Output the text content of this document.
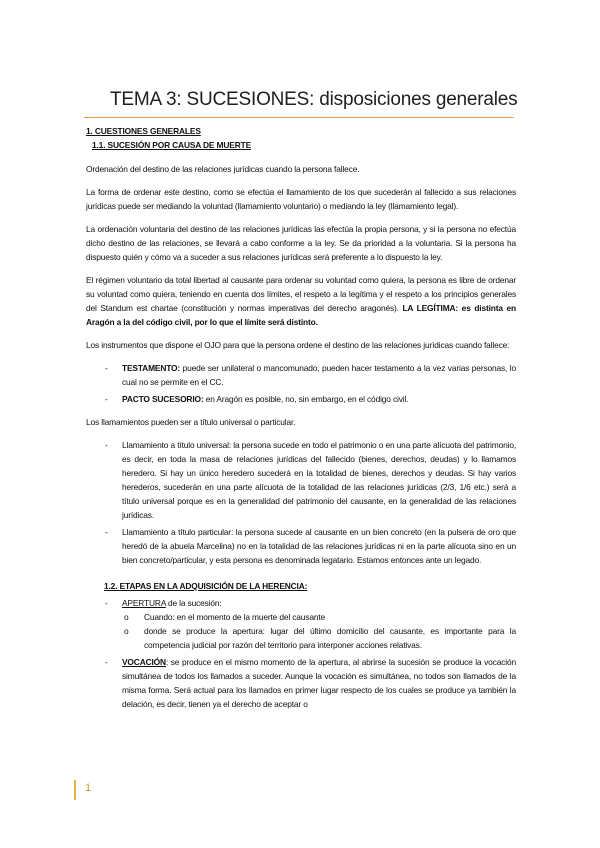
TEMA 3: SUCESIONES: disposiciones generales
1. CUESTIONES GENERALES
1.1. SUCESIÓN POR CAUSA DE MUERTE

Ordenación del destino de las relaciones jurídicas cuando la persona fallece.

La forma de ordenar este destino, como se efectúa el llamamiento de los que sucederán al fallecido a sus relaciones jurídicas puede ser mediando la voluntad (llamamiento voluntario) o mediando la ley (llamamiento legal).

La ordenación voluntaria del destino de las relaciones jurídicas las efectúa la propia persona, y si la persona no efectúa dicho destino de las relaciones, se llevará a cabo conforme a la ley. Se da prioridad a la voluntaria. Si la persona ha dispuesto quién y cómo va a suceder a sus relaciones jurídicas será preferente a lo dispuesto la ley.

El régimen voluntario da total libertad al causante para ordenar su voluntad como quiera, la persona es libre de ordenar su voluntad como quiera, teniendo en cuenta dos límites, el respeto a la legítima y el respeto a los principios generales del Standum est chartae (constitución y normas imperativas del derecho aragonés). LA LEGÍTIMA: es distinta en Aragón a la del código civil, por lo que el límite será distinto.

Los instrumentos que dispone el OJO para que la persona ordene el destino de las relaciones jurídicas cuando fallece:

- TESTAMENTO: puede ser unilateral o mancomunado, pueden hacer testamento a la vez varias personas, lo cual no se permite en el CC.
- PACTO SUCESORIO: en Aragón es posible, no, sin embargo, en el código civil.

Los llamamientos pueden ser a título universal o particular.

- Llamamiento a título universal: la persona sucede en todo el patrimonio o en una parte alícuota del patrimonio, es decir, en toda la masa de relaciones jurídicas del fallecido (bienes, derechos, deudas) y lo llamamos heredero. Si hay un único heredero sucederá en la totalidad de bienes, derechos y deudas. Si hay varios herederos, sucederán en una parte alícuota de la totalidad de las relaciones jurídicas (2/3, 1/6 etc.) será a título universal porque es en la generalidad del patrimonio del causante, en la generalidad de las relaciones jurídicas.
- Llamamiento a título particular: la persona sucede al causante en un bien concreto (en la pulsera de oro que heredó de la abuela Marcelina) no en la totalidad de las relaciones jurídicas ni en la parte alícuota sino en un bien concreto/particular, y esta persona es denominada legatario. Estamos entonces ante un legado.
1.2. ETAPAS EN LA ADQUISICIÓN DE LA HERENCIA:
- APERTURA de la sucesión:
o Cuando: en el momento de la muerte del causante
o donde se produce la apertura: lugar del último domicilio del causante, es importante para la competencia judicial por razón del territorio para interponer acciones relativas.
- VOCACIÓN: se produce en el mismo momento de la apertura, al abrirse la sucesión se produce la vocación simultánea de todos los llamados a suceder. Aunque la vocación es simultánea, no todos son llamados de la misma forma. Será actual para los llamados en primer lugar respecto de los cuales se produce ya también la delación, es decir, tienen ya el derecho de aceptar o
1
